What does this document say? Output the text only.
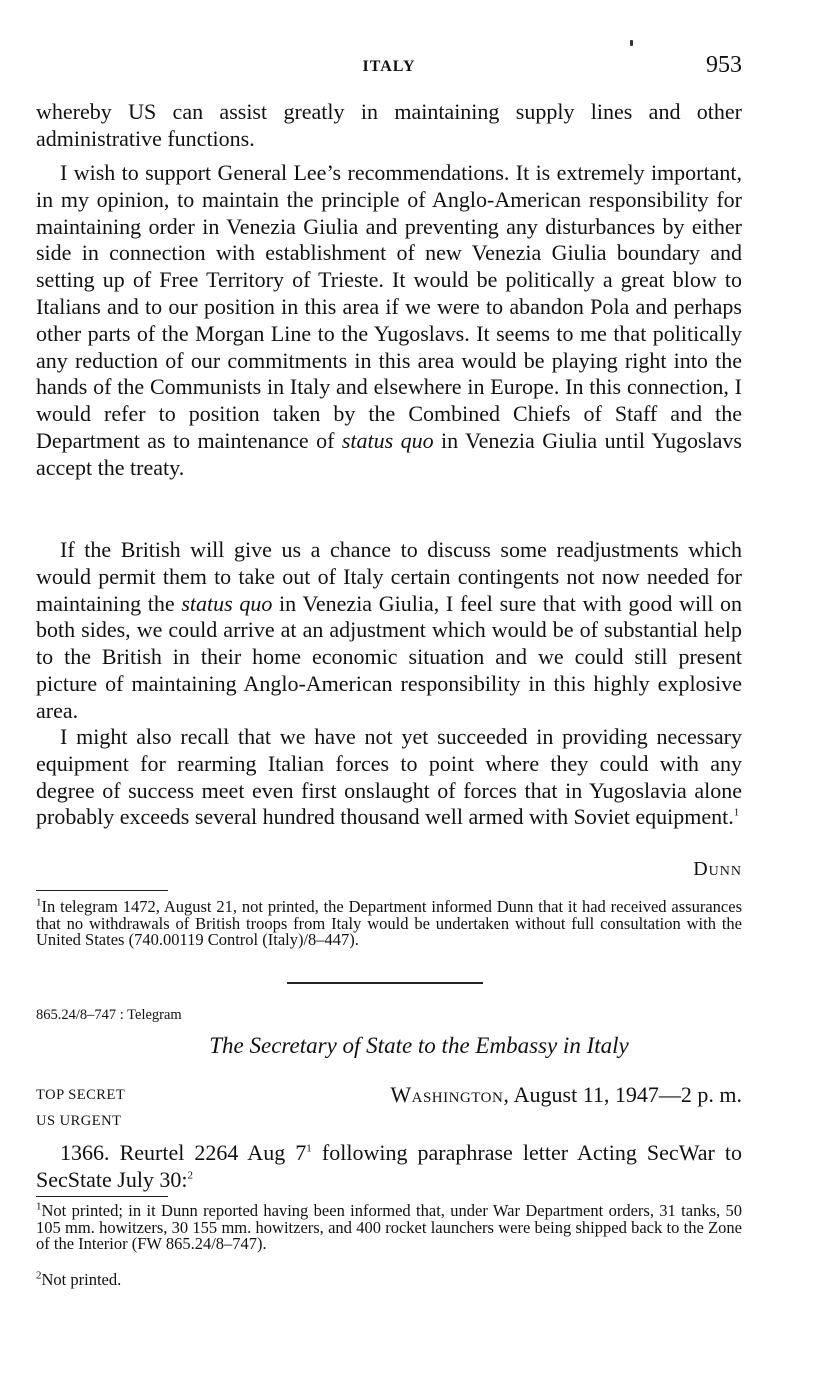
ITALY	953

whereby US can assist greatly in maintaining supply lines and other administrative functions.

I wish to support General Lee’s recommendations. It is extremely important, in my opinion, to maintain the principle of Anglo-American responsibility for maintaining order in Venezia Giulia and preventing any disturbances by either side in connection with establishment of new Venezia Giulia boundary and setting up of Free Territory of Trieste. It would be politically a great blow to Italians and to our position in this area if we were to abandon Pola and perhaps other parts of the Morgan Line to the Yugoslavs. It seems to me that politically any reduction of our commitments in this area would be playing right into the hands of the Communists in Italy and elsewhere in Europe. In this connection, I would refer to position taken by the Combined Chiefs of Staff and the Department as to maintenance of status quo in Venezia Giulia until Yugoslavs accept the treaty.

If the British will give us a chance to discuss some readjustments which would permit them to take out of Italy certain contingents not now needed for maintaining the status quo in Venezia Giulia, I feel sure that with good will on both sides, we could arrive at an adjustment which would be of substantial help to the British in their home economic situation and we could still present picture of maintaining Anglo-American responsibility in this highly explosive area.

I might also recall that we have not yet succeeded in providing necessary equipment for rearming Italian forces to point where they could with any degree of success meet even first onslaught of forces that in Yugoslavia alone probably exceeds several hundred thousand well armed with Soviet equipment.$^1$

Dunn
$^1$In telegram 1472, August 21, not printed, the Department informed Dunn that it had received assurances that no withdrawals of British troops from Italy would be undertaken without full consultation with the United States (740.00119 Control (Italy)/8–447).
865.24/8–747 : Telegram
The Secretary of State to the Embassy in Italy
TOP SECRET
US URGENT
Washington, August 11, 1947—2 p. m.

1366. Reurtel 2264 Aug $7^1$ following paraphrase letter Acting SecWar to SecState July 30:$^2$

$^1$Not printed; in it Dunn reported having been informed that, under War Department orders, 31 tanks, 50 105 mm. howitzers, 30 155 mm. howitzers, and 400 rocket launchers were being shipped back to the Zone of the Interior (FW 865.24/8–747).
$^2$Not printed.
